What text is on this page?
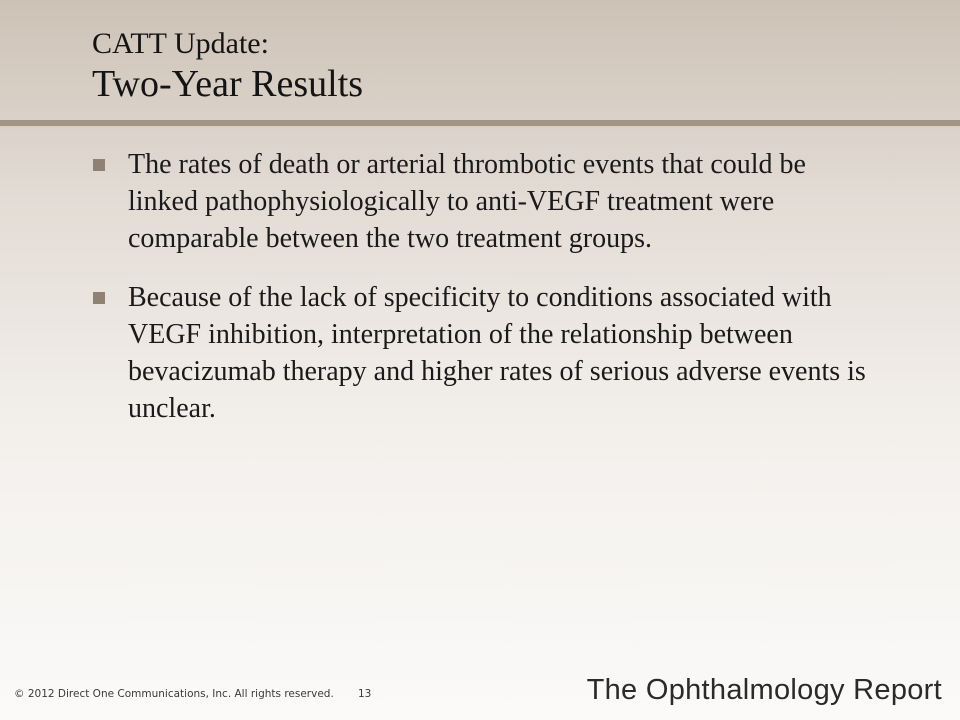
CATT Update:
Two-Year Results
The rates of death or arterial thrombotic events that could be linked pathophysiologically to anti-VEGF treatment were comparable between the two treatment groups.
Because of the lack of specificity to conditions associated with VEGF inhibition, interpretation of the relationship between bevacizumab therapy and higher rates of serious adverse events is unclear.
© 2012 Direct One Communications, Inc. All rights reserved. 13	The Ophthalmology Report
